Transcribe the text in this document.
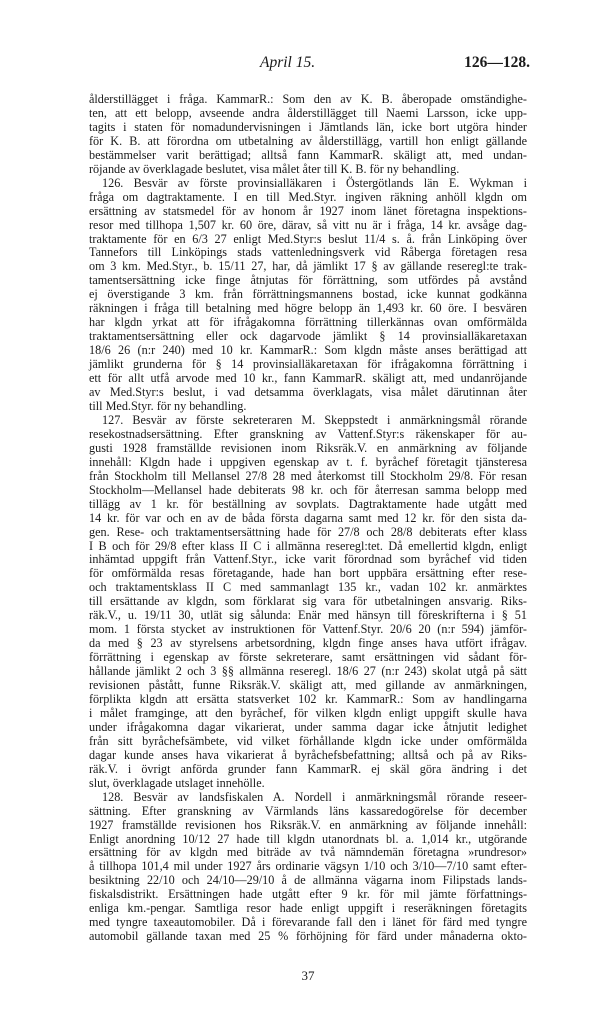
April 15.	126—128.
ålderstillägget i fråga. KammarR.: Som den av K. B. åberopade omständighe-
ten, att ett belopp, avseende andra ålderstillägget till Naemi Larsson, icke upp-
tagits i staten för nomadundervisningen i Jämtlands län, icke bort utgöra hinder
för K. B. att förordna om utbetalning av ålderstillägg, vartill hon enligt gällande
bestämmelser varit berättigad; alltså fann KammarR. skäligt att, med undan-
röjande av överklagade beslutet, visa målet åter till K. B. för ny behandling.
126. Besvär av förste provinsialläkaren i Östergötlands län E. Wykman i
fråga om dagtraktamente. I en till Med.Styr. ingiven räkning anhöll klgdn om
ersättning av statsmedel för av honom år 1927 inom länet företagna inspektions-
resor med tillhopa 1,507 kr. 60 öre, därav, så vitt nu är i fråga, 14 kr. avsåge dag-
traktamente för en 6/3 27 enligt Med.Styr:s beslut 11/4 s. å. från Linköping över
Tannefors till Linköpings stads vattenledningsverk vid Råberga företagen resa
om 3 km. Med.Styr., b. 15/11 27, har, då jämlikt 17 § av gällande reseregl:te trak-
tamentsersättning icke finge åtnjutas för förrättning, som utfördes på avstånd
ej överstigande 3 km. från förrättningsmannens bostad, icke kunnat godkänna
räkningen i fråga till betalning med högre belopp än 1,493 kr. 60 öre. I besvären
har klgdn yrkat att för ifrågakomna förrättning tillerkännas ovan omförmälda
traktamentsersättning eller ock dagarvode jämlikt § 14 provinsialläkaretaxan
18/6 26 (n:r 240) med 10 kr. KammarR.: Som klgdn måste anses berättigad att
jämlikt grunderna för § 14 provinsialläkaretaxan för ifrågakomna förrättning i
ett för allt utfå arvode med 10 kr., fann KammarR. skäligt att, med undanröjande
av Med.Styr:s beslut, i vad detsamma överklagats, visa målet därutinnan åter
till Med.Styr. för ny behandling.
127. Besvär av förste sekreteraren M. Skeppstedt i anmärkningsmål rörande
resekostnadsersättning. Efter granskning av Vattenf.Styr:s räkenskaper för au-
gusti 1928 framställde revisionen inom Riksräk.V. en anmärkning av följande
innehåll: Klgdn hade i uppgiven egenskap av t. f. byråchef företagit tjänsteresa
från Stockholm till Mellansel 27/8 28 med återkomst till Stockholm 29/8. För resan
Stockholm—Mellansel hade debiterats 98 kr. och för återresan samma belopp med
tillägg av 1 kr. för beställning av sovplats. Dagtraktamente hade utgått med
14 kr. för var och en av de båda första dagarna samt med 12 kr. för den sista da-
gen. Rese- och traktamentsersättning hade för 27/8 och 28/8 debiterats efter klass
I B och för 29/8 efter klass II C i allmänna reseregl:tet. Då emellertid klgdn, enligt
inhämtad uppgift från Vattenf.Styr., icke varit förordnad som byråchef vid tiden
för omförmälda resas företagande, hade han bort uppbära ersättning efter rese-
och traktamentsklass II C med sammanlagt 135 kr., vadan 102 kr. anmärktes
till ersättande av klgdn, som förklarat sig vara för utbetalningen ansvarig. Riks-
räk.V., u. 19/11 30, utlät sig sålunda: Enär med hänsyn till föreskrifterna i § 51
mom. 1 första stycket av instruktionen för Vattenf.Styr. 20/6 20 (n:r 594) jämför-
da med § 23 av styrelsens arbetsordning, klgdn finge anses hava utfört ifrågav.
förrättning i egenskap av förste sekreterare, samt ersättningen vid sådant för-
hållande jämlikt 2 och 3 §§ allmänna reseregl. 18/6 27 (n:r 243) skolat utgå på sätt
revisionen påstått, funne Riksräk.V. skäligt att, med gillande av anmärkningen,
förpliktа klgdn att ersätta statsverket 102 kr. KammarR.: Som av handlingarna
i målet framginge, att den byråchef, för vilken klgdn enligt uppgift skulle hava
under ifrågakomna dagar vikarierat, under samma dagar icke åtnjutit ledighet
från sitt byråchefsämbete, vid vilket förhållande klgdn icke under omförmälda
dagar kunde anses hava vikarierat å byråchefsbefattning; alltså och på av Riks-
räk.V. i övrigt anförda grunder fann KammarR. ej skäl göra ändring i det
slut, överklagade utslaget innehölle.
128. Besvär av landsfiskalen A. Nordell i anmärkningsmål rörande reseer-
sättning. Efter granskning av Värmlands läns kassaredogörelse för december
1927 framställde revisionen hos Riksräk.V. en anmärkning av följande innehåll:
Enligt anordning 10/12 27 hade till klgdn utanordnats bl. a. 1,014 kr., utgörande
ersättning för av klgdn med biträde av två nämndemän företagna »rundresor»
å tillhopa 101,4 mil under 1927 års ordinarie vägsyn 1/10 och 3/10—7/10 samt efter-
besiktning 22/10 och 24/10—29/10 å de allmänna vägarna inom Filipstads lands-
fiskalsdistrikt. Ersättningen hade utgått efter 9 kr. för mil jämte författnings-
enliga km.-pengar. Samtliga resor hade enligt uppgift i reseräkningen företagits
med tyngre taxeautomobiler. Då i förevarande fall den i länet för färd med tyngre
automobil gällande taxan med 25 % förhöjning för färd under månaderna okto-
37
